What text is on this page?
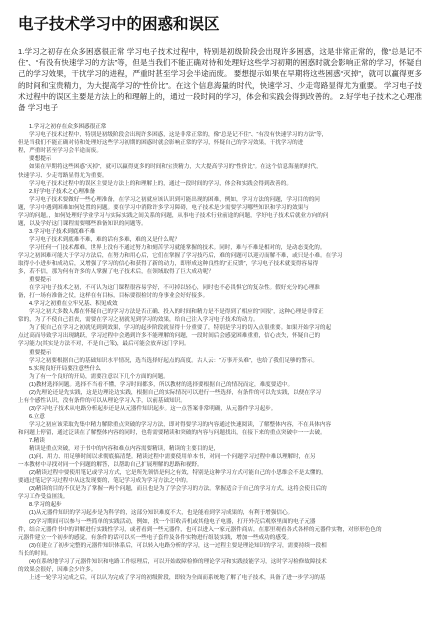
电子技术学习中的困惑和误区
1.学习之初存在众多困惑很正常 学习电子技术过程中，特别是初级阶段会出现许多困惑，这是非常正常的，像“总是记不住”、“有没有快速学习的方法”等，但是当我们不能正确对待和处理好这些学习初期的困惑时就会影响正常的学习，怀疑自己的学习效果，干扰学习的进程，严重时甚至学习会半途而废。 要想提示如果在早期将这些困惑“灭掉”，就可以赢得更多的时间和宝贵精力，为大提高学习的“性价比”。在这个信息海量的时代，快速学习、少走弯路显得尤为重要。 学习电子技术过程中的误区主要是方法上的和理解上的，通过一段时间的学习，体会和实践会得到改善的。 2.好学电子技术之心理准备 学习电子

1.学习之初存在众多困惑很正常

学习电子技术过程中，特别是初级阶段会出现许多困惑，这是非常正常的，像“总是记不住”、“有没有快速学习的方法”等，

但是当我们不能正确对待和处理好这些学习初期的困惑时就会影响正常的学习，怀疑自己的学习效果，干扰学习的进

程，严重时甚至学习会半途而废。

要想提示

如果在早期将这些困惑“灭掉”，就可以赢得更多的时间和宝贵精力，大大提高学习的“性价比”。在这个信息海量的时代，

快速学习、少走弯路显得尤为重要。

学习电子技术过程中的误区主要是方法上的和理解上的，通过一段时间的学习，体会和实践会得到改善的。

2.好学电子技术之心理准备

学习电子技术要做好一些心理准备，在学习之初就应该认识到可能出现的困难，例如，学习方法的问题，学习目的的问

题，学习中遇到困难如何处置的问题。要在学习中消除许多学习障碍，电子技术是少需要学习哪些知识和学习的效果与

学习的问题。，如何处理好学业学习与实际实践之间关系的问题，从事电子技术行业前途的问题，学好电子技术后就业方向的问

题，以及学好这门课程需要哪些准备知识的问题等。

3.学习电子技术到底难不难

学习电子技术到底难不难，难的话有多难，难的又是什么呢？

学习任何一门技术都难，世界上没有不通过努力和刻苦学习就能掌握的技术。同时，难与不难是相对的，是动态变化的。

学习之初困难可能大于学习方法后，在努力和用心后，它们在掌握了学习技巧后，难的问题可以迎刃而解不难，或只是小难。在学习

取得小小进步和成功后，又增强了学习的信心和获得了新的动力，即形成这种良性的“正反馈”，学习电子技术就变得容易得

多，若不信，那为何有许多的人掌握了电子技术后，在领域取得了巨大成功呢？

重要提示

在学习电子技术之初，不可认为这门课程很容易学好，不可掉以轻心，同时也不必畏惧它的复杂性。假好充分的心理准

备，打一场有准备之仗，这样在有目标，目标要很检讨的身事业会好好接多。

4.学习之初重在立牢兄基、积见成效

学习之初大多数人都在怀疑自己的学习方法是否正确、投入的时间和精力是不是得到了相应的“回报”，这种心理是非常正

常的，为了不使自己沮丧，需要在学习之初就见到学习的效果，给自己注入学习电子技术的动力。

为了使自己在学习之初就见到到效果，学习的起步阶段就显得十分重要了，特别是学习的切入点很重要。如果开始学习的起

点过高而导致学习出现跳跃，学习过程中会遇到许多不能理解的问题，一段时间后会感觉困难重重，信心丧失，怀疑自己的

学习能力(其实是方法不对，不是自己笨)，最后可能会放弃这门学问。

重要提示

学习之初要根据自己的基础知识水平情况，选当选择好起点的高度。古人云：“万事开头难”，也给了我们足够的警示。

5.实现良好开局要注意些什么

为了有一个良好的开局，需要注意以下几个方面的问题。

(1)教材选择问题。选择不当看不懂，学习时间都多，所以教材的选择要根据自己的情况而定，难度要适中。

(2)先理论还是先实践，这是边理论边实践，根据自己的实际情况可以进行一些选择，有条件的可以先实践，以便在学习

上有个感性认识，没有条件的可以从理论学习入手，以前基础知识。

(3)学习电子技术从电路分析起步还是从元器件知识起步。这一点答案非常明确，从元器件学习起步。

6.立意

学习之初应该采取先集中精力解除重点突破的学习方法，即对得要学习的内容通过快速阅读，了解整体内容，不在具体内容

和问题上停留，通过泛读在了解整体内容的同时，也将需要精读和突破的内容与问题找出，在接下来的重点突破中一一去破。

7.精读

精读是重点突破，对于书中的内容和难点内容需要精读，精读的主要目的是，

(1)问、用力、用足够时间以求彻底搞清楚。精读过程中需要使用单本书，对同一个问题学习过程中难以理解时，在另

一本教材中寻找对同一个问题的解答，以帮助自己扩展理解的思路和视野。

(2)精读过程中要使用笔记或学习方式，它是所先领悟是何之有效，特别是这种学习方式可能自己的小思维会不是太懂的，

要通过笔记学习过程中从这发现要的，笔记学习成为学习方法之中的。

(3)精读的目的不仅是为了掌握一两个问题，而且也是为了学会学习的方法。掌握适合于自己的学习方式，这将会使日后的

学习工作受益匪浅。

8.学习的起步

(1)从元器件知识的学习起步是为科学的，这部分知识难度不大，也是能看到学习成果的，有利于增强信心。

(2)学习期间可以参与一些简单的实践活动，例如，找一个旧收音机或其他电子电器，打开外壳后观察里面的电子元器

件，结合元器件书中的讲解进行实践性学习，或者看到一些元器件，也可以进入一家元器件商店，在那里观看各式各样的元器件实物，对形形色色的

元器件建立一个初步的感觉，有条件的话可以买一些电子套件及各件实物进行组装实践，增加一些成功的感受。

(3)在建立了初步完整的元器件知识体系后，可以转入电路分析的学习，这一过程主要是理论知识的学习，需要持续一段相

当长的时间。

(4)在系统地学习了元器件知识和电路工作原理后，可以开始故障检修的理论学习和实践技能学习，这时学习检修故障技术

的效果会很好，因难会少许多。

上述一轮学习完成之后，可以认为完成了学习的初级阶段，即较为全面而系统地了解了电子技术，具备了进一步学习的基
